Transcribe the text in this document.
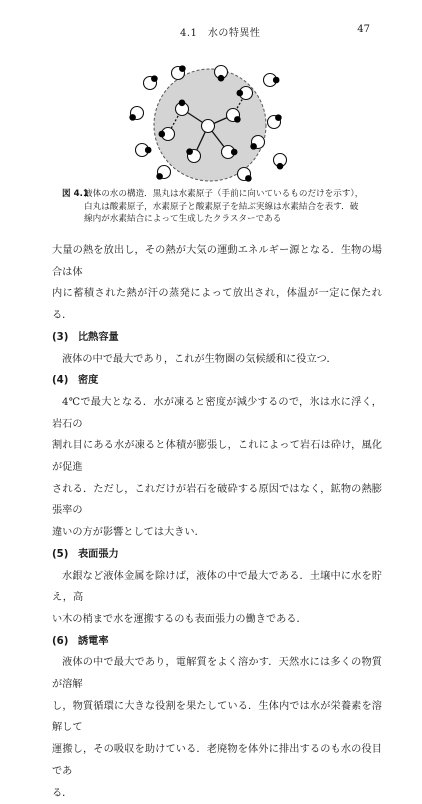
4.1　水の特異性	47
図 4.1
液体の水の構造．黒丸は水素原子（手前に向いているものだけを示す），
白丸は酸素原子，水素原子と酸素原子を結ぶ実線は水素結合を表す．破
線内が水素結合によって生成したクラスターである

大量の熱を放出し，その熱が大気の運動エネルギー源となる．生物の場合は体
内に蓄積された熱が汗の蒸発によって放出され，体温が一定に保たれる．

(3) 比熱容量

液体の中で最大であり，これが生物圏の気候緩和に役立つ．

(4) 密度

4℃で最大となる．水が凍ると密度が減少するので，氷は水に浮く，岩石の
割れ目にある水が凍ると体積が膨張し，これによって岩石は砕け，風化が促進
される．ただし，これだけが岩石を破砕する原因ではなく，鉱物の熱膨張率の
違いの方が影響としては大きい．

(5) 表面張力

水銀など液体金属を除けば，液体の中で最大である．土壌中に水を貯え，高
い木の梢まで水を運搬するのも表面張力の働きである．

(6) 誘電率

液体の中で最大であり，電解質をよく溶かす．天然水には多くの物質が溶解
し，物質循環に大きな役割を果たしている．生体内では水が栄養素を溶解して
運搬し，その吸収を助けている．老廃物を体外に排出するのも水の役目であ
る．
